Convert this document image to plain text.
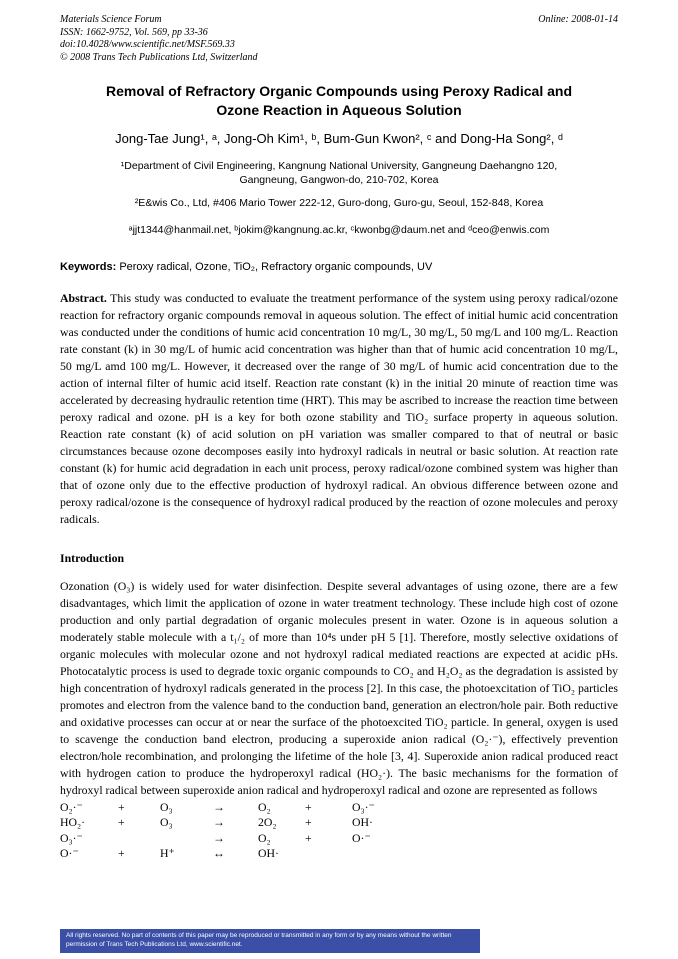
Materials Science Forum
ISSN: 1662-9752, Vol. 569, pp 33-36
doi:10.4028/www.scientific.net/MSF.569.33
© 2008 Trans Tech Publications Ltd, Switzerland
Online: 2008-01-14
Removal of Refractory Organic Compounds using Peroxy Radical and Ozone Reaction in Aqueous Solution
Jong-Tae Jung¹, ᵃ, Jong-Oh Kim¹, ᵇ, Bum-Gun Kwon², ᶜ and Dong-Ha Song², ᵈ
¹Department of Civil Engineering, Kangnung National University, Gangneung Daehangno 120, Gangneung, Gangwon-do, 210-702, Korea
²E&wis Co., Ltd, #406 Mario Tower 222-12, Guro-dong, Guro-gu, Seoul, 152-848, Korea
ᵃjjt1344@hanmail.net, ᵇjokim@kangnung.ac.kr, ᶜkwonbg@daum.net and ᵈceo@enwis.com

Keywords: Peroxy radical, Ozone, TiO₂, Refractory organic compounds, UV

Abstract. This study was conducted to evaluate the treatment performance of the system using peroxy radical/ozone reaction for refractory organic compounds removal in aqueous solution. The effect of initial humic acid concentration was conducted under the conditions of humic acid concentration 10 mg/L, 30 mg/L, 50 mg/L and 100 mg/L. Reaction rate constant (k) in 30 mg/L of humic acid concentration was higher than that of humic acid concentration 10 mg/L, 50 mg/L amd 100 mg/L. However, it decreased over the range of 30 mg/L of humic acid concentration due to the action of internal filter of humic acid itself. Reaction rate constant (k) in the initial 20 minute of reaction time was accelerated by decreasing hydraulic retention time (HRT). This may be ascribed to increase the reaction time between peroxy radical and ozone. pH is a key for both ozone stability and TiO₂ surface property in aqueous solution. Reaction rate constant (k) of acid solution on pH variation was smaller compared to that of neutral or basic circumstances because ozone decomposes easily into hydroxyl radicals in neutral or basic solution. At reaction rate constant (k) for humic acid degradation in each unit process, peroxy radical/ozone combined system was higher than that of ozone only due to the effective production of hydroxyl radical. An obvious difference between ozone and peroxy radical/ozone is the consequence of hydroxyl radical produced by the reaction of ozone molecules and peroxy radicals.

Introduction

Ozonation (O₃) is widely used for water disinfection. Despite several advantages of using ozone, there are a few disadvantages, which limit the application of ozone in water treatment technology. These include high cost of ozone production and only partial degradation of organic molecules present in water. Ozone is in aqueous solution a moderately stable molecule with a t₁/₂ of more than 10⁴s under pH 5 [1]. Therefore, mostly selective oxidations of organic molecules with molecular ozone and not hydroxyl radical mediated reactions are expected at acidic pHs. Photocatalytic process is used to degrade toxic organic compounds to CO₂ and H₂O₂ as the degradation is assisted by high concentration of hydroxyl radicals generated in the process [2]. In this case, the photoexcitation of TiO₂ particles promotes and electron from the valence band to the conduction band, generation an electron/hole pair. Both reductive and oxidative processes can occur at or near the surface of the photoexcited TiO₂ particle. In general, oxygen is used to scavenge the conduction band electron, producing a superoxide anion radical (O₂·⁻), effectively prevention electron/hole recombination, and prolonging the lifetime of the hole [3, 4]. Superoxide anion radical produced react with hydrogen cation to produce the hydroperoxyl radical (HO₂·). The basic mechanisms for the formation of hydroxyl radical between superoxide anion radical and hydroperoxyl radical and ozone are represented as follows

O₂·⁻	+	O₃	→	O₂	+	O₃·⁻
HO₂·	+	O₃	→	2O₂	+	OH·
O₃·⁻			→	O₂	+	O·⁻
O·⁻	+	H⁺	↔	OH·		
All rights reserved. No part of contents of this paper may be reproduced or transmitted in any form or by any means without the written permission of Trans Tech Publications Ltd, www.scientific.net.
